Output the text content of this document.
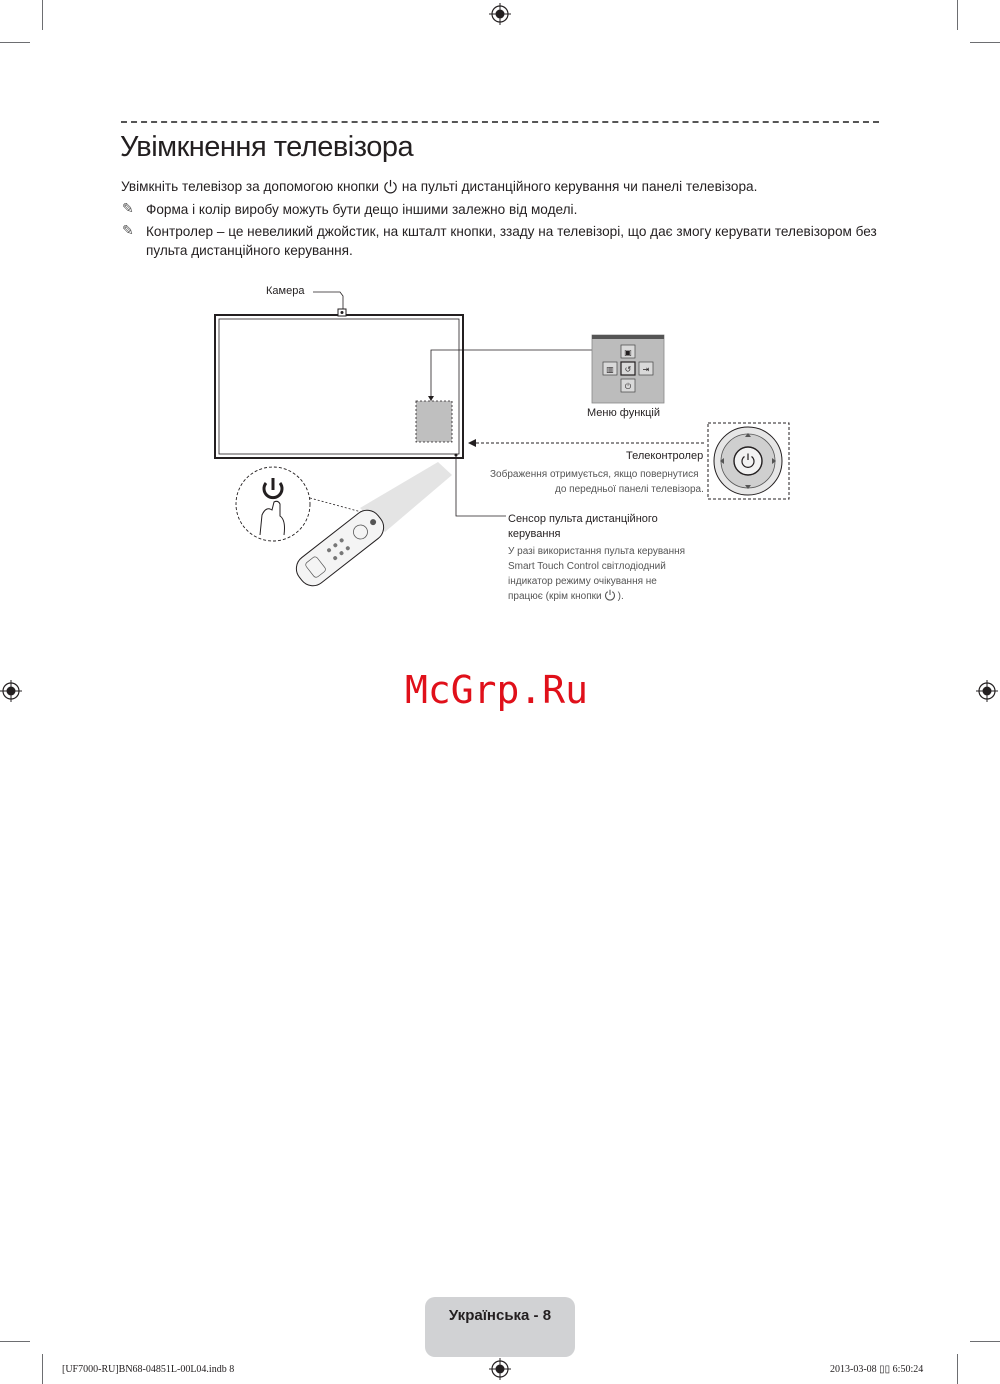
Увімкнення телевізора
Увімкніть телевізор за допомогою кнопки на пульті дистанційного керування чи панелі телевізора.
✎ Форма і колір виробу можуть бути дещо іншими залежно від моделі.
✎ Контролер – це невеликий джойстик, на кшталт кнопки, ззаду на телевізорі, що дає змогу керувати телевізором без
пульта дистанційного керування.
▣
▥ ↺ ⇥
⏻
Камера
Меню функцій
Телеконтролер
Зображення отримується, якщо повернутися
до передньої панелі телевізора.
Сенсор пульта дистанційного
керування
У разі використання пульта керування
Smart Touch Control світлодіодний
індикатор режиму очікування не
працює (крім кнопки ).
McGrp.Ru
Українська - 8
[UF7000-RU]BN68-04851L-00L04.indb 8	2013-03-08 ▯▯ 6:50:24
